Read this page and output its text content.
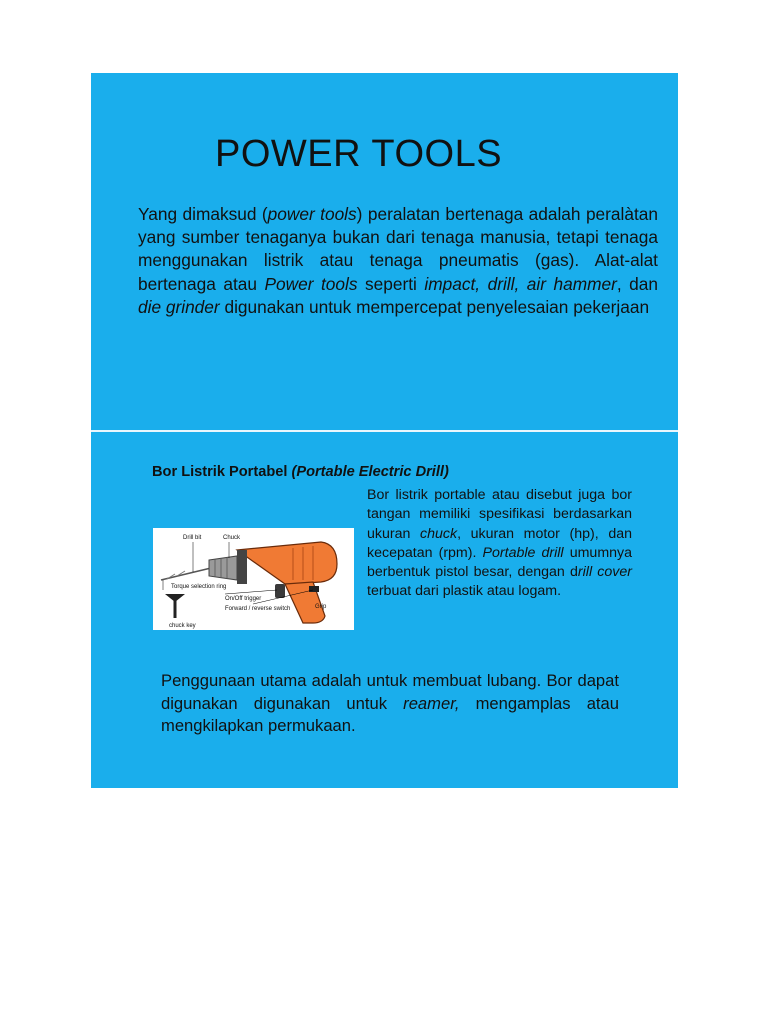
POWER TOOLS

Yang dimaksud (power tools) peralatan bertenaga adalah peralàtan yang sumber tenaganya bukan dari tenaga manusia, tetapi tenaga menggunakan listrik atau tenaga pneumatis (gas). Alat-alat bertenaga atau Power tools seperti impact, drill, air hammer, dan die grinder digunakan untuk mempercepat penyelesaian pekerjaan

Bor Listrik Portabel (Portable Electric Drill)

Bor listrik portable atau disebut juga bor tangan memiliki spesifikasi berdasarkan ukuran chuck, ukuran motor (hp), dan kecepatan (rpm). Portable drill umumnya berbentuk pistol besar, dengan drill cover terbuat dari plastik atau logam.

Drill bit	Chuck
Torque selection ring
On/Off trigger
Forward / reverse switch	Grip
chuck key

Penggunaan utama adalah untuk membuat lubang. Bor dapat digunakan digunakan untuk reamer, mengamplas atau mengkilapkan permukaan.
